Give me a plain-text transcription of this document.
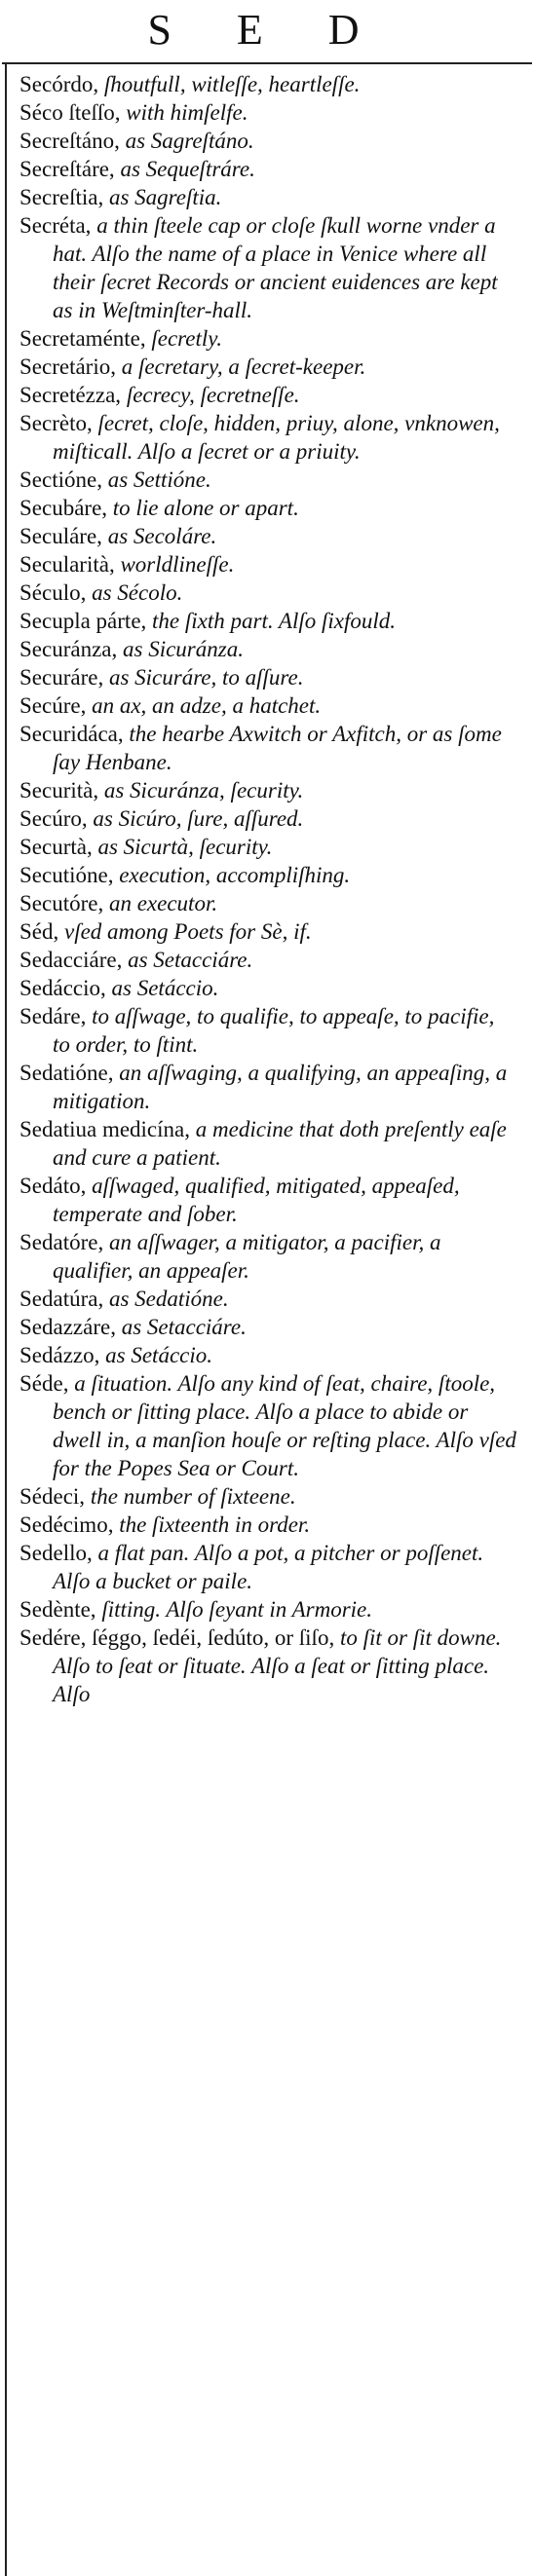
S E D

Secórdo, ſhoutfull, witleſſe, heartleſſe.

Séco ſteſſo, with himſelfe.

Secreſtáno, as Sagreſtáno.

Secreſtáre, as Sequeſtráre.

Secreſtia, as Sagreſtia.

Secréta, a thin ſteele cap or cloſe ſkull worne vnder a hat. Alſo the name of a place in Venice where all their ſecret Records or ancient euidences are kept as in Weſtminſter-hall.

Secretaménte, ſecretly.

Secretário, a ſecretary, a ſecret-keeper.

Secretézza, ſecrecy, ſecretneſſe.

Secrèto, ſecret, cloſe, hidden, priuy, alone, vnknowen, miſticall. Alſo a ſecret or a priuity.

Sectióne, as Settióne.

Secubáre, to lie alone or apart.

Seculáre, as Secoláre.

Secularità, worldlineſſe.

Século, as Sécolo.

Secupla párte, the ſixth part. Alſo ſixfould.

Securánza, as Sicuránza.

Securáre, as Sicuráre, to aſſure.

Secúre, an ax, an adze, a hatchet.

Securidáca, the hearbe Axwitch or Axfitch, or as ſome ſay Henbane.

Securità, as Sicuránza, ſecurity.

Secúro, as Sicúro, ſure, aſſured.

Securtà, as Sicurtà, ſecurity.

Secutióne, execution, accompliſhing.

Secutóre, an executor.

Séd, vſed among Poets for Sè, if.

Sedacciáre, as Setacciáre.

Sedáccio, as Setáccio.

Sedáre, to aſſwage, to qualifie, to appeaſe, to pacifie, to order, to ſtint.

Sedatióne, an aſſwaging, a qualifying, an appeaſing, a mitigation.

Sedatiua medicína, a medicine that doth preſently eaſe and cure a patient.

Sedáto, aſſwaged, qualified, mitigated, appeaſed, temperate and ſober.

Sedatóre, an aſſwager, a mitigator, a pacifier, a qualifier, an appeaſer.

Sedatúra, as Sedatióne.

Sedazzáre, as Setacciáre.

Sedázzo, as Setáccio.

Séde, a ſituation. Alſo any kind of ſeat, chaire, ſtoole, bench or ſitting place. Alſo a place to abide or dwell in, a manſion houſe or reſting place. Alſo vſed for the Popes Sea or Court.

Sédeci, the number of ſixteene.

Sedécimo, the ſixteenth in order.

Sedello, a flat pan. Alſo a pot, a pitcher or poſſenet. Alſo a bucket or paile.

Sedènte, ſitting. Alſo ſeyant in Armorie.

Sedére, ſéggo, ſedéi, ſedúto, or ſiſo, to ſit or ſit downe. Alſo to ſeat or ſituate. Alſo a ſeat or ſitting place. Alſo
